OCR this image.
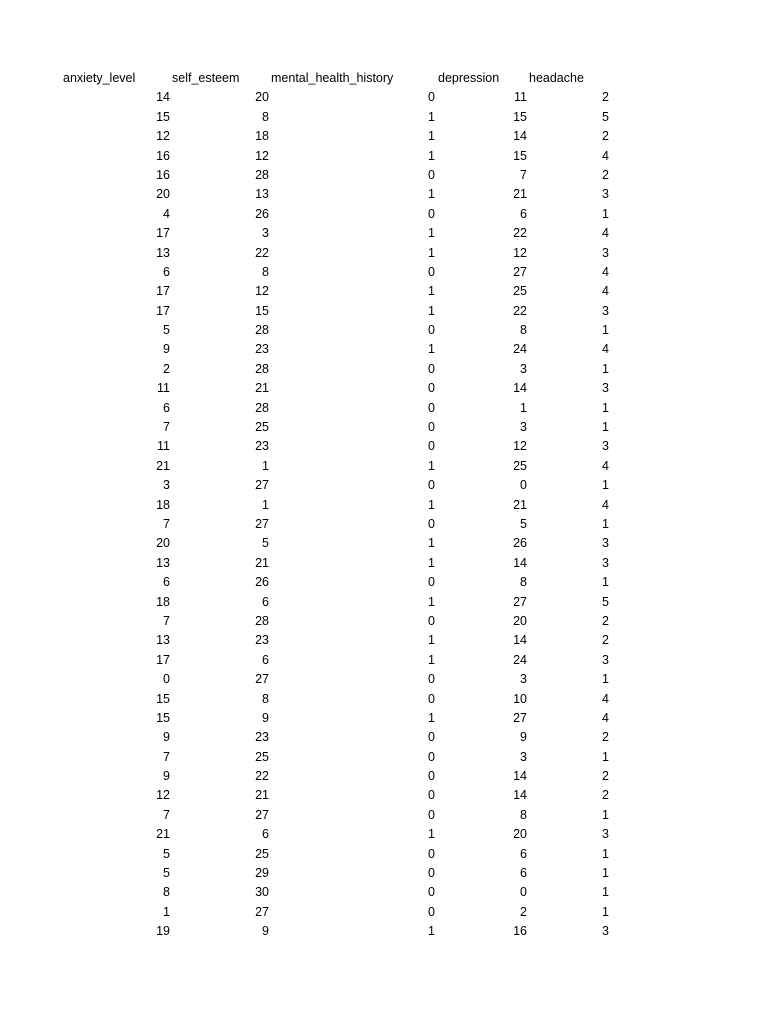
anxiety_level	self_esteem	mental_health_history	depression headache
14	20	0	11	2
15	8	1	15	5
12	18	1	14	2
16	12	1	15	4
16	28	0	7	2
20	13	1	21	3
4	26	0	6	1
17	3	1	22	4
13	22	1	12	3
6	8	0	27	4
17	12	1	25	4
17	15	1	22	3
5	28	0	8	1
9	23	1	24	4
2	28	0	3	1
11	21	0	14	3
6	28	0	1	1
7	25	0	3	1
11	23	0	12	3
21	1	1	25	4
3	27	0	0	1
18	1	1	21	4
7	27	0	5	1
20	5	1	26	3
13	21	1	14	3
6	26	0	8	1
18	6	1	27	5
7	28	0	20	2
13	23	1	14	2
17	6	1	24	3
0	27	0	3	1
15	8	0	10	4
15	9	1	27	4
9	23	0	9	2
7	25	0	3	1
9	22	0	14	2
12	21	0	14	2
7	27	0	8	1
21	6	1	20	3
5	25	0	6	1
5	29	0	6	1
8	30	0	0	1
1	27	0	2	1
19	9	1	16	3
